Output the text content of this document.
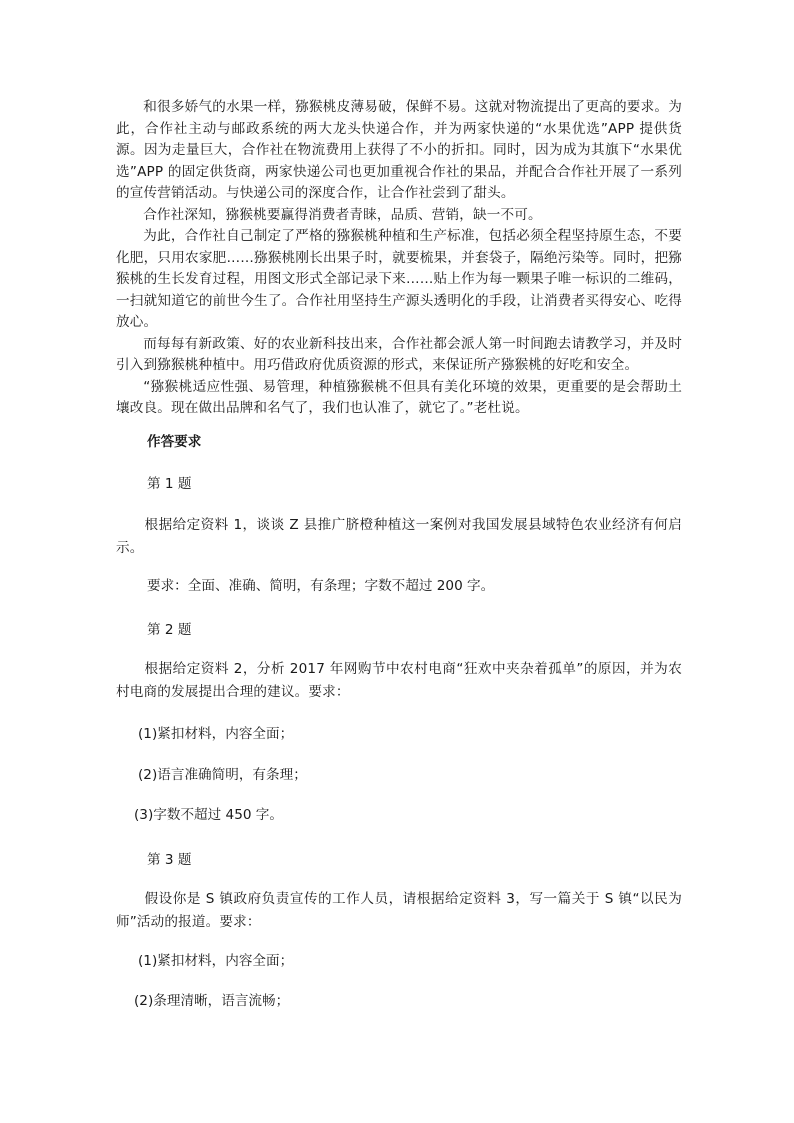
和很多娇气的水果一样，猕猴桃皮薄易破，保鲜不易。这就对物流提出了更高的要求。为此，合作社主动与邮政系统的两大龙头快递合作，并为两家快递的“水果优选”APP 提供货源。因为走量巨大，合作社在物流费用上获得了不小的折扣。同时，因为成为其旗下“水果优选”APP 的固定供货商，两家快递公司也更加重视合作社的果品，并配合合作社开展了一系列的宣传营销活动。与快递公司的深度合作，让合作社尝到了甜头。

合作社深知，猕猴桃要赢得消费者青睐，品质、营销，缺一不可。

为此，合作社自己制定了严格的猕猴桃种植和生产标准，包括必须全程坚持原生态，不要化肥，只用农家肥……猕猴桃刚长出果子时，就要梳果，并套袋子，隔绝污染等。同时，把猕猴桃的生长发育过程，用图文形式全部记录下来……贴上作为每一颗果子唯一标识的二维码，一扫就知道它的前世今生了。合作社用坚持生产源头透明化的手段，让消费者买得安心、吃得放心。

而每每有新政策、好的农业新科技出来，合作社都会派人第一时间跑去请教学习，并及时引入到猕猴桃种植中。用巧借政府优质资源的形式，来保证所产猕猴桃的好吃和安全。

“猕猴桃适应性强、易管理，种植猕猴桃不但具有美化环境的效果，更重要的是会帮助土壤改良。现在做出品牌和名气了，我们也认准了，就它了。”老杜说。

作答要求
第 1 题
根据给定资料 1，谈谈 Z 县推广脐橙种植这一案例对我国发展县域特色农业经济有何启示。
要求：全面、准确、简明，有条理；字数不超过 200 字。
第 2 题
根据给定资料 2，分析 2017 年网购节中农村电商“狂欢中夹杂着孤单”的原因，并为农村电商的发展提出合理的建议。要求：
(1)紧扣材料，内容全面；
(2)语言准确简明，有条理；
(3)字数不超过 450 字。
第 3 题
假设你是 S 镇政府负责宣传的工作人员，请根据给定资料 3，写一篇关于 S 镇“以民为师”活动的报道。要求：
(1)紧扣材料，内容全面；
(2)条理清晰，语言流畅；
